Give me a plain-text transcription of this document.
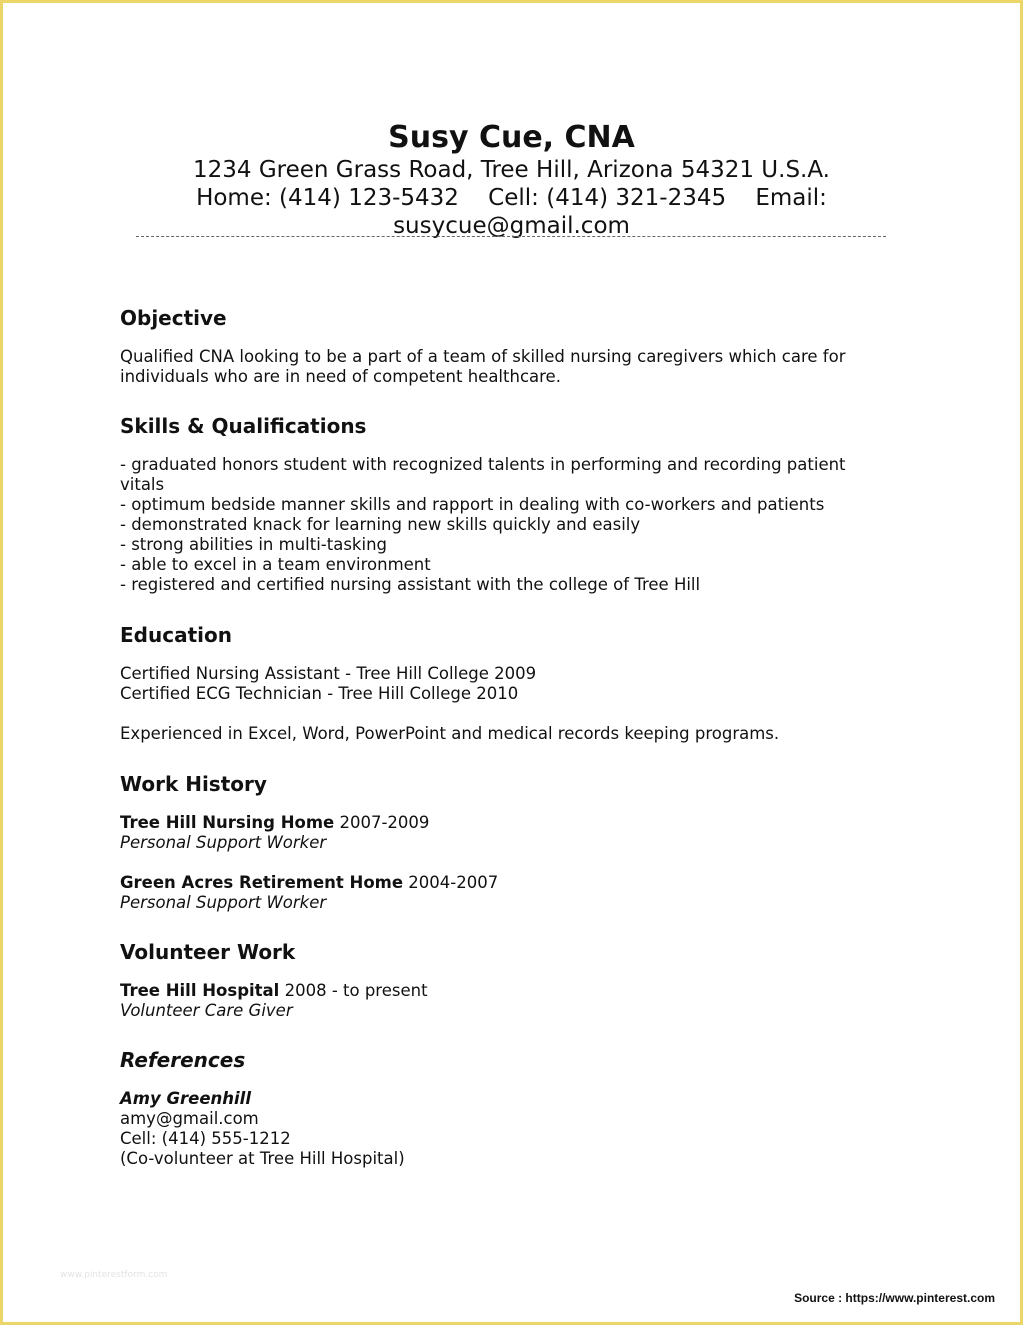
Susy Cue, CNA

1234 Green Grass Road, Tree Hill, Arizona 54321 U.S.A.

Home: (414) 123-5432    Cell: (414) 321-2345    Email:

susycue@gmail.com

Objective

Qualified CNA looking to be a part of a team of skilled nursing caregivers which care for
individuals who are in need of competent healthcare.

Skills & Qualifications

- graduated honors student with recognized talents in performing and recording patient
vitals

- optimum bedside manner skills and rapport in dealing with co-workers and patients

- demonstrated knack for learning new skills quickly and easily

- strong abilities in multi-tasking

- able to excel in a team environment

- registered and certified nursing assistant with the college of Tree Hill

Education

Certified Nursing Assistant - Tree Hill College 2009

Certified ECG Technician - Tree Hill College 2010

Experienced in Excel, Word, PowerPoint and medical records keeping programs.

Work History

Tree Hill Nursing Home 2007-2009

Personal Support Worker

Green Acres Retirement Home 2004-2007

Personal Support Worker

Volunteer Work

Tree Hill Hospital 2008 - to present

Volunteer Care Giver

References

Amy Greenhill

amy@gmail.com

Cell: (414) 555-1212

(Co-volunteer at Tree Hill Hospital)

www.pinterestform.com
Source : https://www.pinterest.com
